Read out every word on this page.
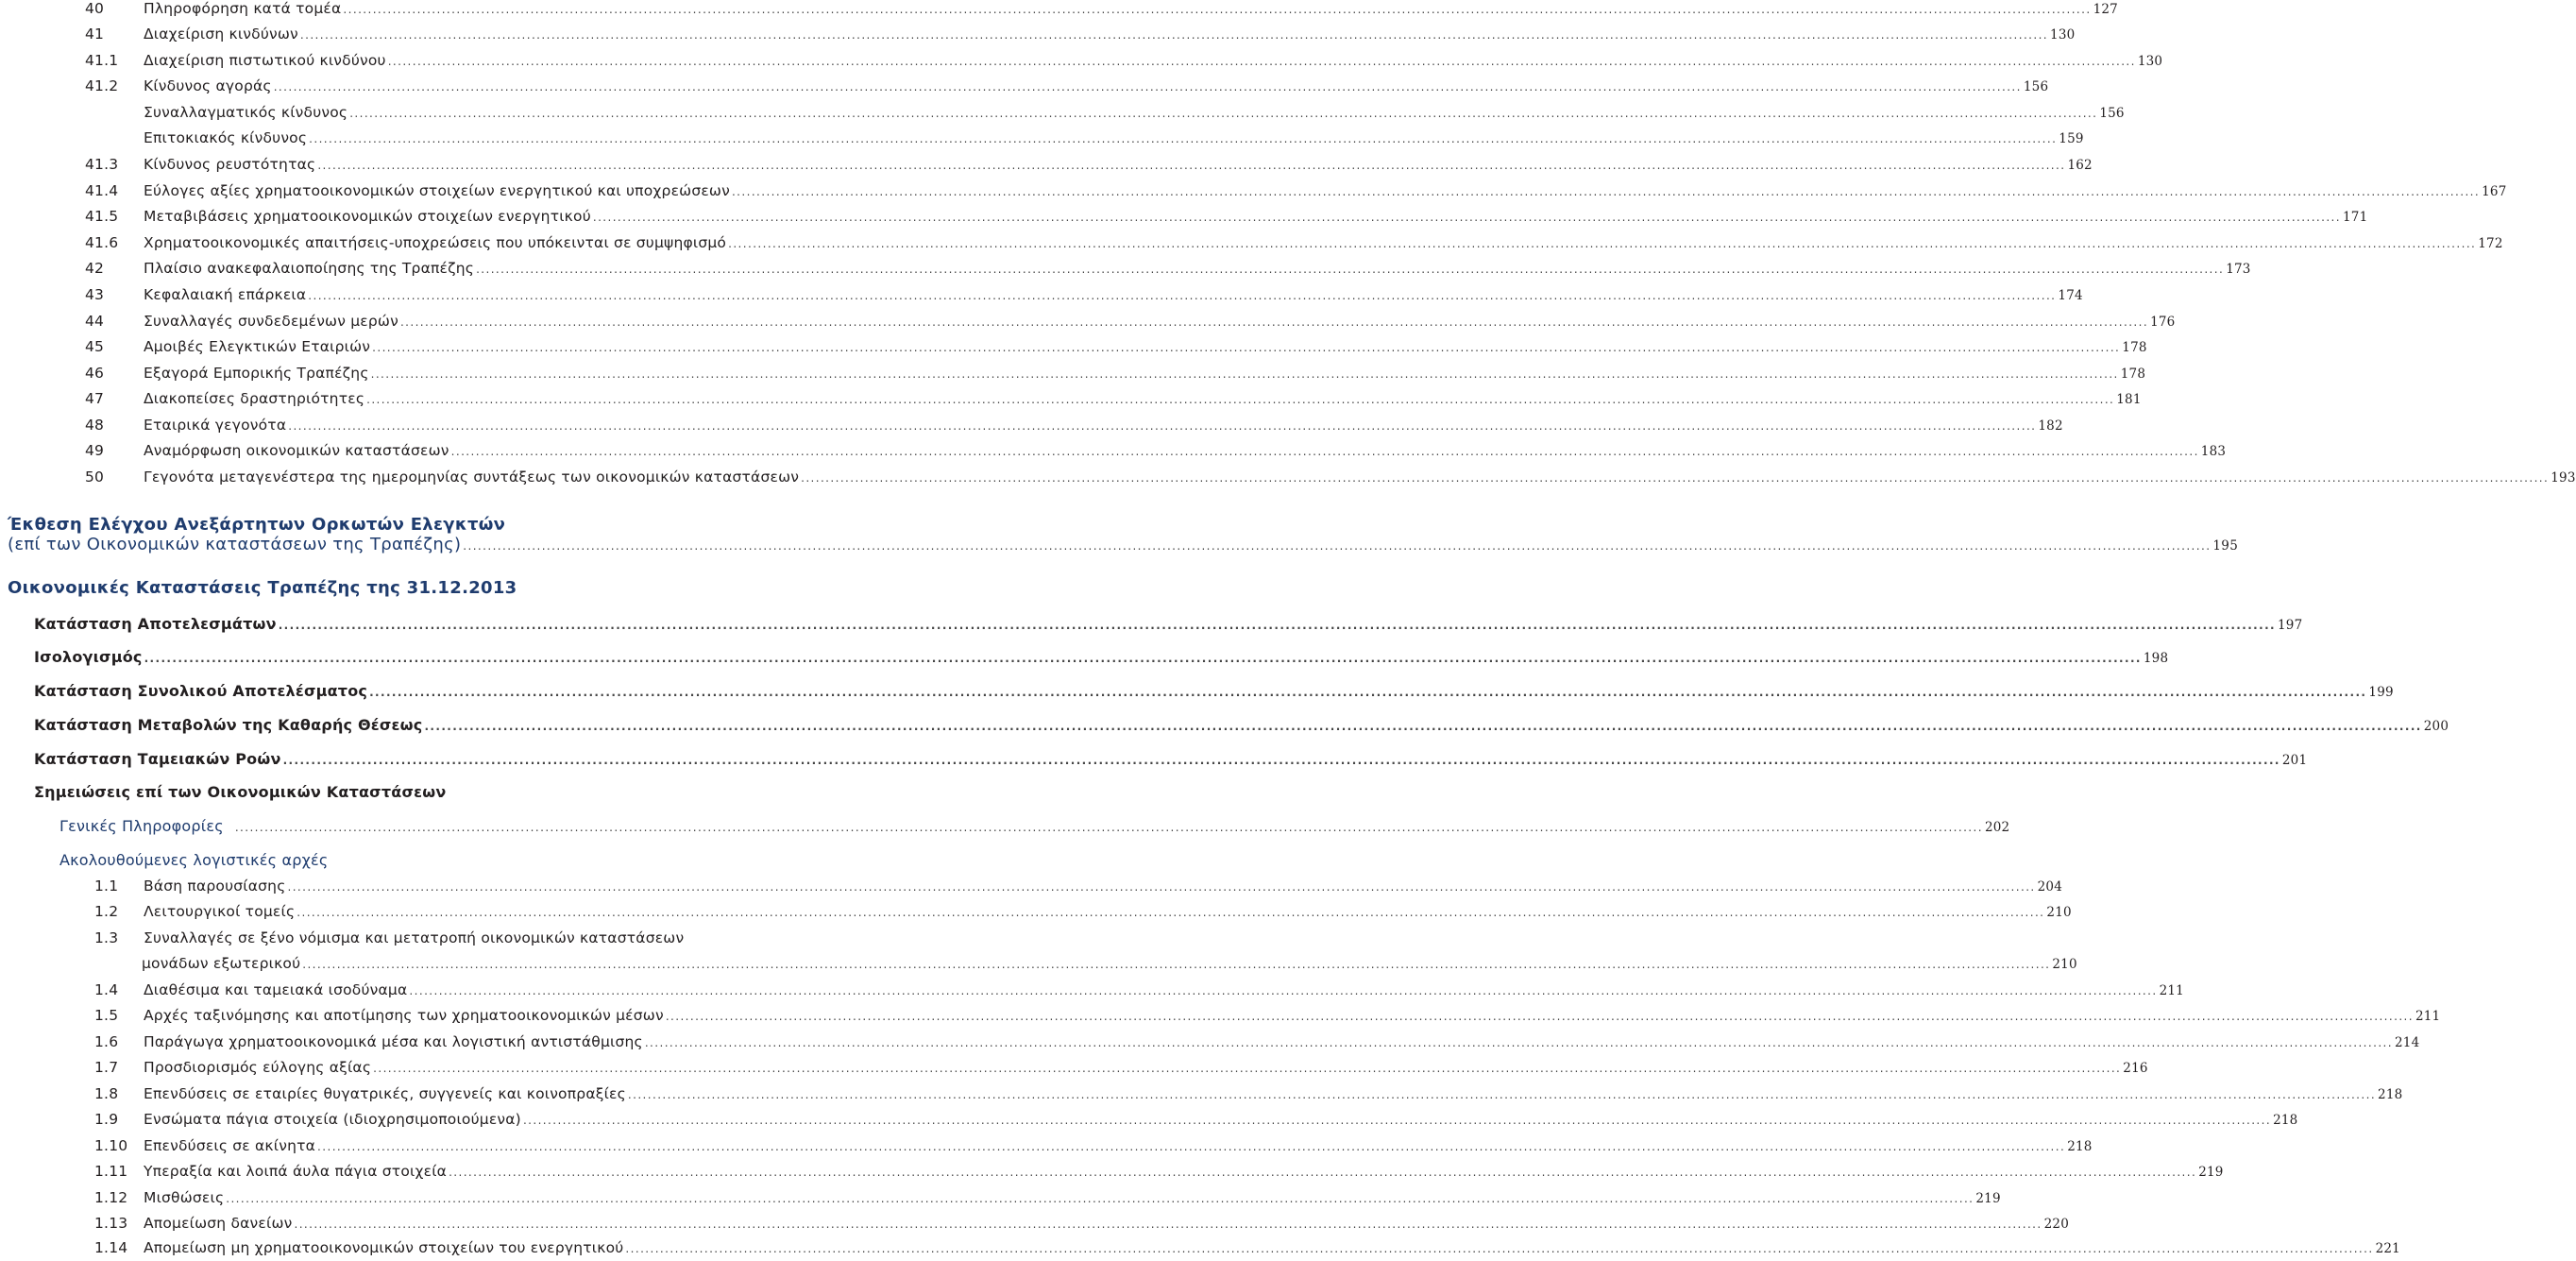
40	Πληροφόρηση κατά τομέα .....	127
41	Διαχείριση κινδύνων .....	130
41.1	Διαχείριση πιστωτικού κινδύνου .....	130
41.2	Κίνδυνος αγοράς .....	156
Συναλλαγματικός κίνδυνος .....	156
Επιτοκιακός κίνδυνος .....	159
41.3	Κίνδυνος ρευστότητας .....	162
41.4	Εύλογες αξίες χρηματοοικονομικών στοιχείων ενεργητικού και υποχρεώσεων .....	167
41.5	Μεταβιβάσεις χρηματοοικονομικών στοιχείων ενεργητικού .....	171
41.6	Χρηματοοικονομικές απαιτήσεις-υποχρεώσεις που υπόκεινται σε συμψηφισμό .....	172
42	Πλαίσιο ανακεφαλαιοποίησης της Τραπέζης .....	173
43	Κεφαλαιακή επάρκεια .....	174
44	Συναλλαγές συνδεδεμένων μερών .....	176
45	Αμοιβές Ελεγκτικών Εταιριών .....	178
46	Εξαγορά Εμπορικής Τραπέζης .....	178
47	Διακοπείσες δραστηριότητες .....	181
48	Εταιρικά γεγονότα .....	182
49	Αναμόρφωση οικονομικών καταστάσεων .....	183
50	Γεγονότα μεταγενέστερα της ημερομηνίας συντάξεως των οικονομικών καταστάσεων .....	193
Έκθεση Ελέγχου Ανεξάρτητων Ορκωτών Ελεγκτών
(επί των Οικονομικών καταστάσεων της Τραπέζης) .....	195
Οικονομικές Καταστάσεις Τραπέζης της 31.12.2013
Κατάσταση Αποτελεσμάτων .....	197
Ισολογισμός .....	198
Κατάσταση Συνολικού Αποτελέσματος .....	199
Κατάσταση Μεταβολών της Καθαρής Θέσεως .....	200
Κατάσταση Ταμειακών Ροών .....	201
Σημειώσεις επί των Οικονομικών Καταστάσεων
Γενικές Πληροφορίες .....	202
Ακολουθούμενες λογιστικές αρχές
1.1	Βάση παρουσίασης .....	204
1.2	Λειτουργικοί τομείς .....	210
1.3	Συναλλαγές σε ξένο νόμισμα και μετατροπή οικονομικών καταστάσεων
μονάδων εξωτερικού .....	210
1.4	Διαθέσιμα και ταμειακά ισοδύναμα .....	211
1.5	Αρχές ταξινόμησης και αποτίμησης των χρηματοοικονομικών μέσων .....	211
1.6	Παράγωγα χρηματοοικονομικά μέσα και λογιστική αντιστάθμισης .....	214
1.7	Προσδιορισμός εύλογης αξίας .....	216
1.8	Επενδύσεις σε εταιρίες θυγατρικές, συγγενείς και κοινοπραξίες .....	218
1.9	Ενσώματα πάγια στοιχεία (ιδιοχρησιμοποιούμενα) .....	218
1.10	Επενδύσεις σε ακίνητα .....	218
1.11	Υπεραξία και λοιπά άυλα πάγια στοιχεία .....	219
1.12	Μισθώσεις .....	219
1.13	Απομείωση δανείων .....	220
1.14	Απομείωση μη χρηματοοικονομικών στοιχείων του ενεργητικού .....	221
